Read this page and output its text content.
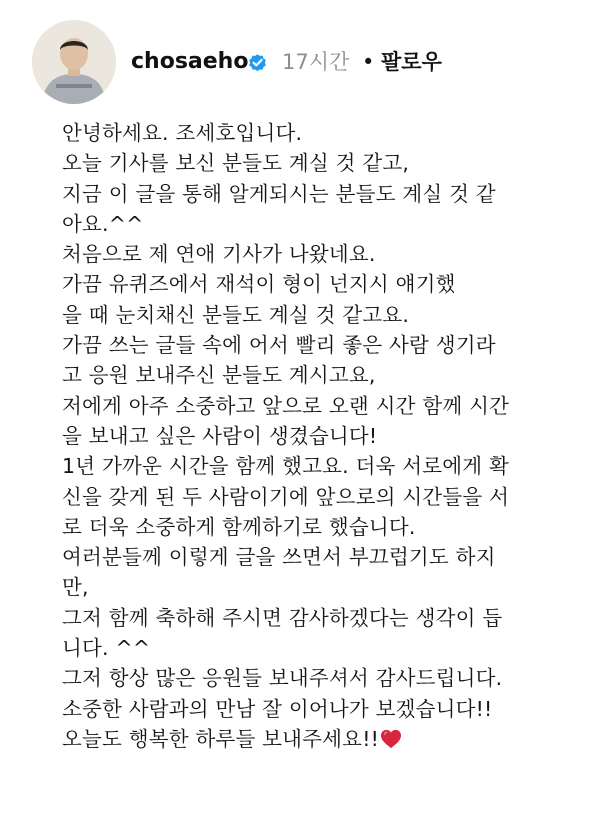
chosaeho 17시간 • 팔로우
안녕하세요. 조세호입니다.
오늘 기사를 보신 분들도 계실 것 같고,
지금 이 글을 통해 알게되시는 분들도 계실 것 같
아요.^^
처음으로 제 연애 기사가 나왔네요.
가끔 유퀴즈에서 재석이 형이 넌지시 얘기했
을 때 눈치채신 분들도 계실 것 같고요.
가끔 쓰는 글들 속에 어서 빨리 좋은 사람 생기라
고 응원 보내주신 분들도 계시고요,
저에게 아주 소중하고 앞으로 오랜 시간 함께 시간
을 보내고 싶은 사람이 생겼습니다!
1년 가까운 시간을 함께 했고요. 더욱 서로에게 확
신을 갖게 된 두 사람이기에 앞으로의 시간들을 서
로 더욱 소중하게 함께하기로 했습니다.
여러분들께 이렇게 글을 쓰면서 부끄럽기도 하지
만,
그저 함께 축하해 주시면 감사하겠다는 생각이 듭
니다. ^^
그저 항상 많은 응원들 보내주셔서 감사드립니다.
소중한 사람과의 만남 잘 이어나가 보겠습니다!!
오늘도 행복한 하루들 보내주세요!!
